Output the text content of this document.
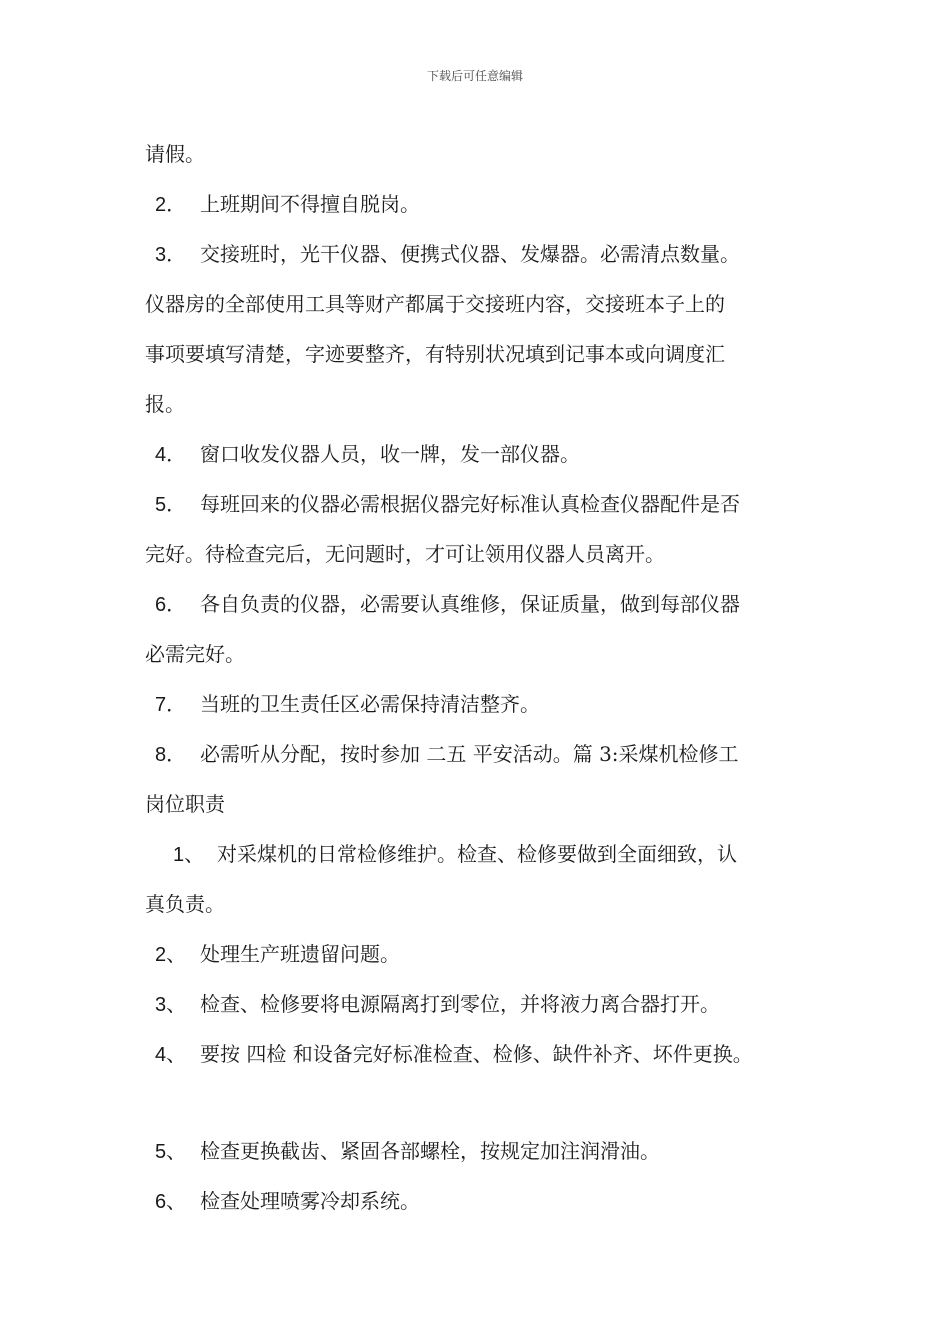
下载后可任意编辑
请假。
2． 上班期间不得擅自脱岗。
3． 交接班时，光干仪器、便携式仪器、发爆器。必需清点数量。
仪器房的全部使用工具等财产都属于交接班内容，交接班本子上的
事项要填写清楚，字迹要整齐，有特别状况填到记事本或向调度汇
报。
4． 窗口收发仪器人员，收一牌，发一部仪器。
5． 每班回来的仪器必需根据仪器完好标准认真检查仪器配件是否
完好。待检查完后，无问题时，才可让领用仪器人员离开。
6． 各自负责的仪器，必需要认真维修，保证质量，做到每部仪器
必需完好。
7． 当班的卫生责任区必需保持清洁整齐。
8． 必需听从分配，按时参加 二五 平安活动。篇 3:采煤机检修工
岗位职责
1、 对采煤机的日常检修维护。检查、检修要做到全面细致，认
真负责。
2、 处理生产班遗留问题。
3、 检查、检修要将电源隔离打到零位，并将液力离合器打开。
4、 要按 四检 和设备完好标准检查、检修、缺件补齐、坏件更换。
5、 检查更换截齿、紧固各部螺栓，按规定加注润滑油。
6、 检查处理喷雾冷却系统。
